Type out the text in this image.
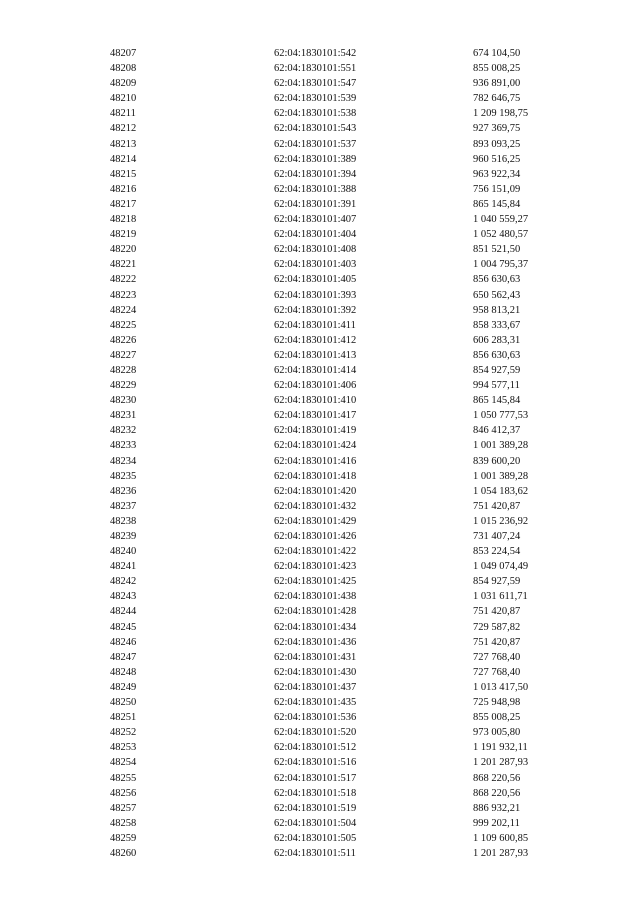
48207	62:04:1830101:542	674 104,50
48208	62:04:1830101:551	855 008,25
48209	62:04:1830101:547	936 891,00
48210	62:04:1830101:539	782 646,75
48211	62:04:1830101:538	1 209 198,75
48212	62:04:1830101:543	927 369,75
48213	62:04:1830101:537	893 093,25
48214	62:04:1830101:389	960 516,25
48215	62:04:1830101:394	963 922,34
48216	62:04:1830101:388	756 151,09
48217	62:04:1830101:391	865 145,84
48218	62:04:1830101:407	1 040 559,27
48219	62:04:1830101:404	1 052 480,57
48220	62:04:1830101:408	851 521,50
48221	62:04:1830101:403	1 004 795,37
48222	62:04:1830101:405	856 630,63
48223	62:04:1830101:393	650 562,43
48224	62:04:1830101:392	958 813,21
48225	62:04:1830101:411	858 333,67
48226	62:04:1830101:412	606 283,31
48227	62:04:1830101:413	856 630,63
48228	62:04:1830101:414	854 927,59
48229	62:04:1830101:406	994 577,11
48230	62:04:1830101:410	865 145,84
48231	62:04:1830101:417	1 050 777,53
48232	62:04:1830101:419	846 412,37
48233	62:04:1830101:424	1 001 389,28
48234	62:04:1830101:416	839 600,20
48235	62:04:1830101:418	1 001 389,28
48236	62:04:1830101:420	1 054 183,62
48237	62:04:1830101:432	751 420,87
48238	62:04:1830101:429	1 015 236,92
48239	62:04:1830101:426	731 407,24
48240	62:04:1830101:422	853 224,54
48241	62:04:1830101:423	1 049 074,49
48242	62:04:1830101:425	854 927,59
48243	62:04:1830101:438	1 031 611,71
48244	62:04:1830101:428	751 420,87
48245	62:04:1830101:434	729 587,82
48246	62:04:1830101:436	751 420,87
48247	62:04:1830101:431	727 768,40
48248	62:04:1830101:430	727 768,40
48249	62:04:1830101:437	1 013 417,50
48250	62:04:1830101:435	725 948,98
48251	62:04:1830101:536	855 008,25
48252	62:04:1830101:520	973 005,80
48253	62:04:1830101:512	1 191 932,11
48254	62:04:1830101:516	1 201 287,93
48255	62:04:1830101:517	868 220,56
48256	62:04:1830101:518	868 220,56
48257	62:04:1830101:519	886 932,21
48258	62:04:1830101:504	999 202,11
48259	62:04:1830101:505	1 109 600,85
48260	62:04:1830101:511	1 201 287,93
